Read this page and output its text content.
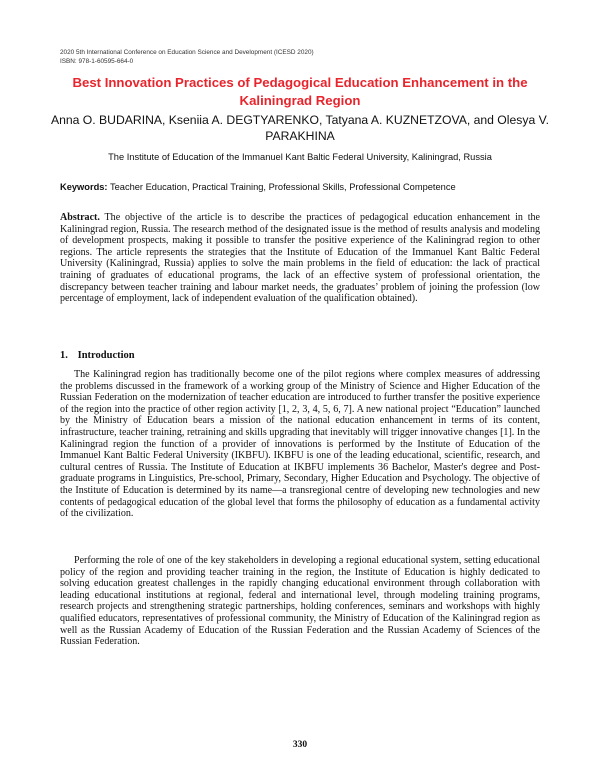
2020 5th International Conference on Education Science and Development (ICESD 2020)
ISBN: 978-1-60595-664-0
Best Innovation Practices of Pedagogical Education Enhancement in the Kaliningrad Region
Anna O. BUDARINA, Kseniia A. DEGTYARENKO, Tatyana A. KUZNETZOVA, and Olesya V. PARAKHINA
The Institute of Education of the Immanuel Kant Baltic Federal University, Kaliningrad, Russia
Keywords: Teacher Education, Practical Training, Professional Skills, Professional Competence
Abstract. The objective of the article is to describe the practices of pedagogical education enhancement in the Kaliningrad region, Russia. The research method of the designated issue is the method of results analysis and modeling of development prospects, making it possible to transfer the positive experience of the Kaliningrad region to other regions. The article represents the strategies that the Institute of Education of the Immanuel Kant Baltic Federal University (Kaliningrad, Russia) applies to solve the main problems in the field of education: the lack of practical training of graduates of educational programs, the lack of an effective system of professional orientation, the discrepancy between teacher training and labour market needs, the graduates’ problem of joining the profession (low percentage of employment, lack of independent evaluation of the qualification obtained).
1. Introduction
The Kaliningrad region has traditionally become one of the pilot regions where complex measures of addressing the problems discussed in the framework of a working group of the Ministry of Science and Higher Education of the Russian Federation on the modernization of teacher education are introduced to further transfer the positive experience of the region into the practice of other region activity [1, 2, 3, 4, 5, 6, 7]. A new national project “Education” launched by the Ministry of Education bears a mission of the national education enhancement in terms of its content, infrastructure, teacher training, retraining and skills upgrading that inevitably will trigger innovative changes [1]. In the Kaliningrad region the function of a provider of innovations is performed by the Institute of Education of the Immanuel Kant Baltic Federal University (IKBFU). IKBFU is one of the leading educational, scientific, research, and cultural centres of Russia. The Institute of Education at IKBFU implements 36 Bachelor, Master's degree and Post-graduate programs in Linguistics, Pre-school, Primary, Secondary, Higher Education and Psychology. The objective of the Institute of Education is determined by its name—a transregional centre of developing new technologies and new contents of pedagogical education of the global level that forms the philosophy of education as a fundamental activity of the civilization.
Performing the role of one of the key stakeholders in developing a regional educational system, setting educational policy of the region and providing teacher training in the region, the Institute of Education is highly dedicated to solving education greatest challenges in the rapidly changing educational environment through collaboration with leading educational institutions at regional, federal and international level, through modeling training programs, research projects and strengthening strategic partnerships, holding conferences, seminars and workshops with highly qualified educators, representatives of professional community, the Ministry of Education of the Kaliningrad region as well as the Russian Academy of Education of the Russian Federation and the Russian Academy of Sciences of the Russian Federation.
330
